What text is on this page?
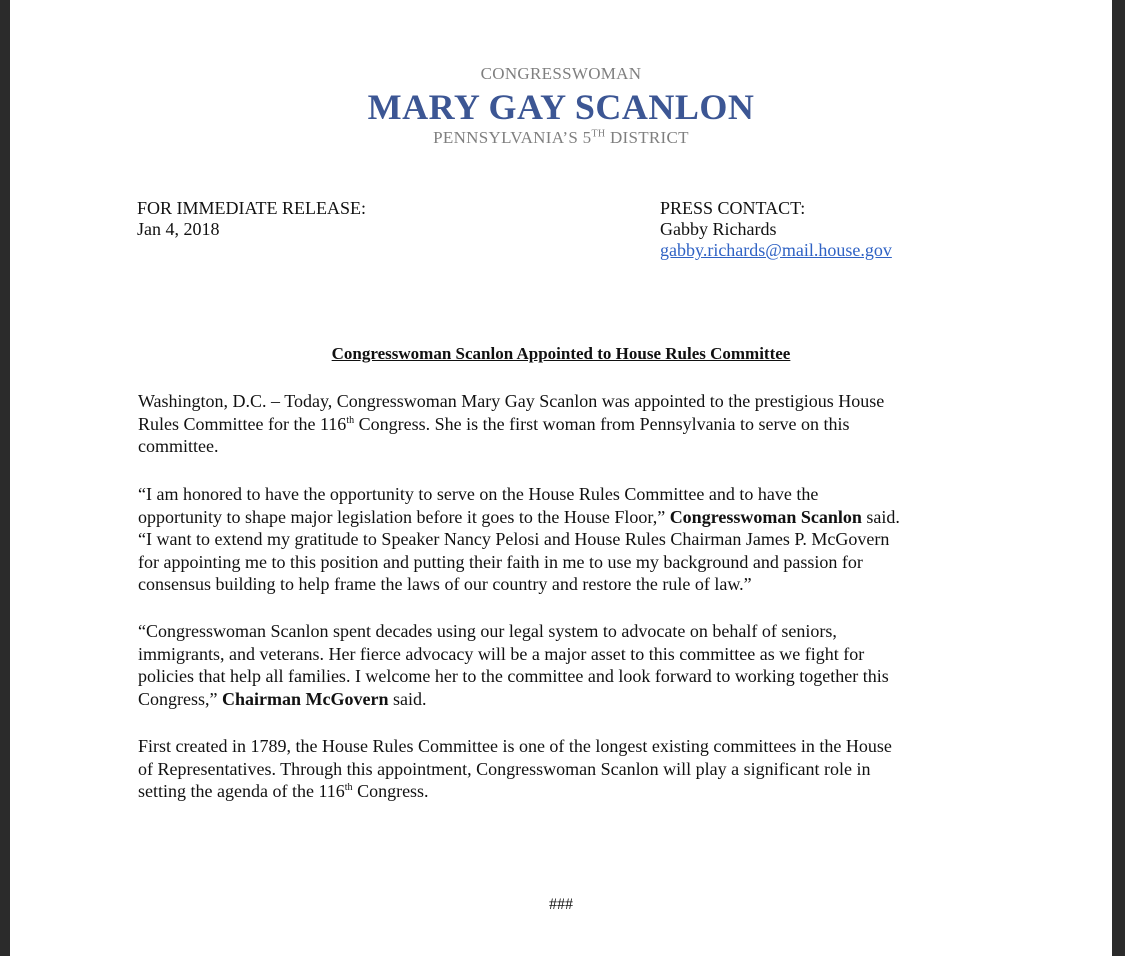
CONGRESSWOMAN
MARY GAY SCANLON
PENNSYLVANIA’S 5TH DISTRICT
FOR IMMEDIATE RELEASE:
Jan 4, 2018
PRESS CONTACT:
Gabby Richards
gabby.richards@mail.house.gov
Congresswoman Scanlon Appointed to House Rules Committee

Washington, D.C. – Today, Congresswoman Mary Gay Scanlon was appointed to the prestigious House
Rules Committee for the 116th Congress. She is the first woman from Pennsylvania to serve on this
committee.

“I am honored to have the opportunity to serve on the House Rules Committee and to have the
opportunity to shape major legislation before it goes to the House Floor,” Congresswoman Scanlon said.
“I want to extend my gratitude to Speaker Nancy Pelosi and House Rules Chairman James P. McGovern
for appointing me to this position and putting their faith in me to use my background and passion for
consensus building to help frame the laws of our country and restore the rule of law.”

“Congresswoman Scanlon spent decades using our legal system to advocate on behalf of seniors,
immigrants, and veterans. Her fierce advocacy will be a major asset to this committee as we fight for
policies that help all families. I welcome her to the committee and look forward to working together this
Congress,” Chairman McGovern said.

First created in 1789, the House Rules Committee is one of the longest existing committees in the House
of Representatives. Through this appointment, Congresswoman Scanlon will play a significant role in
setting the agenda of the 116th Congress.

###
